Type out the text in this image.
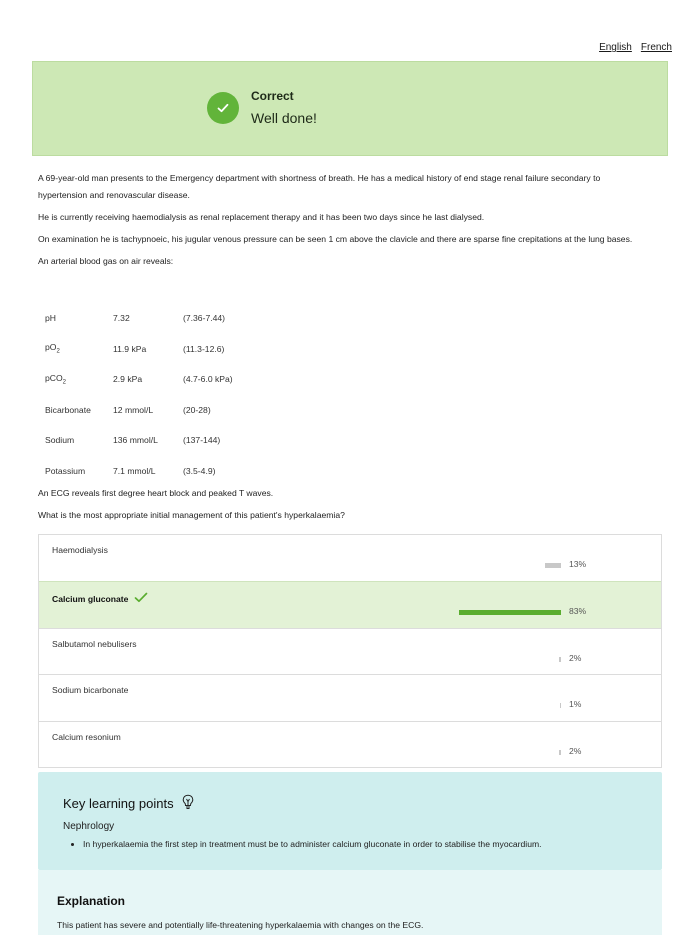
English French
Correct
Well done!

A 69-year-old man presents to the Emergency department with shortness of breath. He has a medical history of end stage renal failure secondary to hypertension and renovascular disease.

He is currently receiving haemodialysis as renal replacement therapy and it has been two days since he last dialysed.

On examination he is tachypnoeic, his jugular venous pressure can be seen 1 cm above the clavicle and there are sparse fine crepitations at the lung bases.

An arterial blood gas on air reveals:

pH	7.32	(7.36-7.44)
$pO_2$	11.9 kPa	(11.3-12.6)
pCO$_2$	2.9 kPa	(4.7-6.0 kPa)
Bicarbonate	12 mmol/L	(20-28)
Sodium	136 mmol/L	(137-144)
Potassium	7.1 mmol/L	(3.5-4.9)
An ECG reveals first degree heart block and peaked T waves.
What is the most appropriate initial management of this patient's hyperkalaemia?
Haemodialysis
13%
Calcium gluconate
83%
Salbutamol nebulisers
2%
Sodium bicarbonate
1%
Calcium resonium
2%
Key learning points
Nephrology
• In hyperkalaemia the first step in treatment must be to administer calcium gluconate in order to stabilise the myocardium.
Explanation
This patient has severe and potentially life-threatening hyperkalaemia with changes on the ECG.
